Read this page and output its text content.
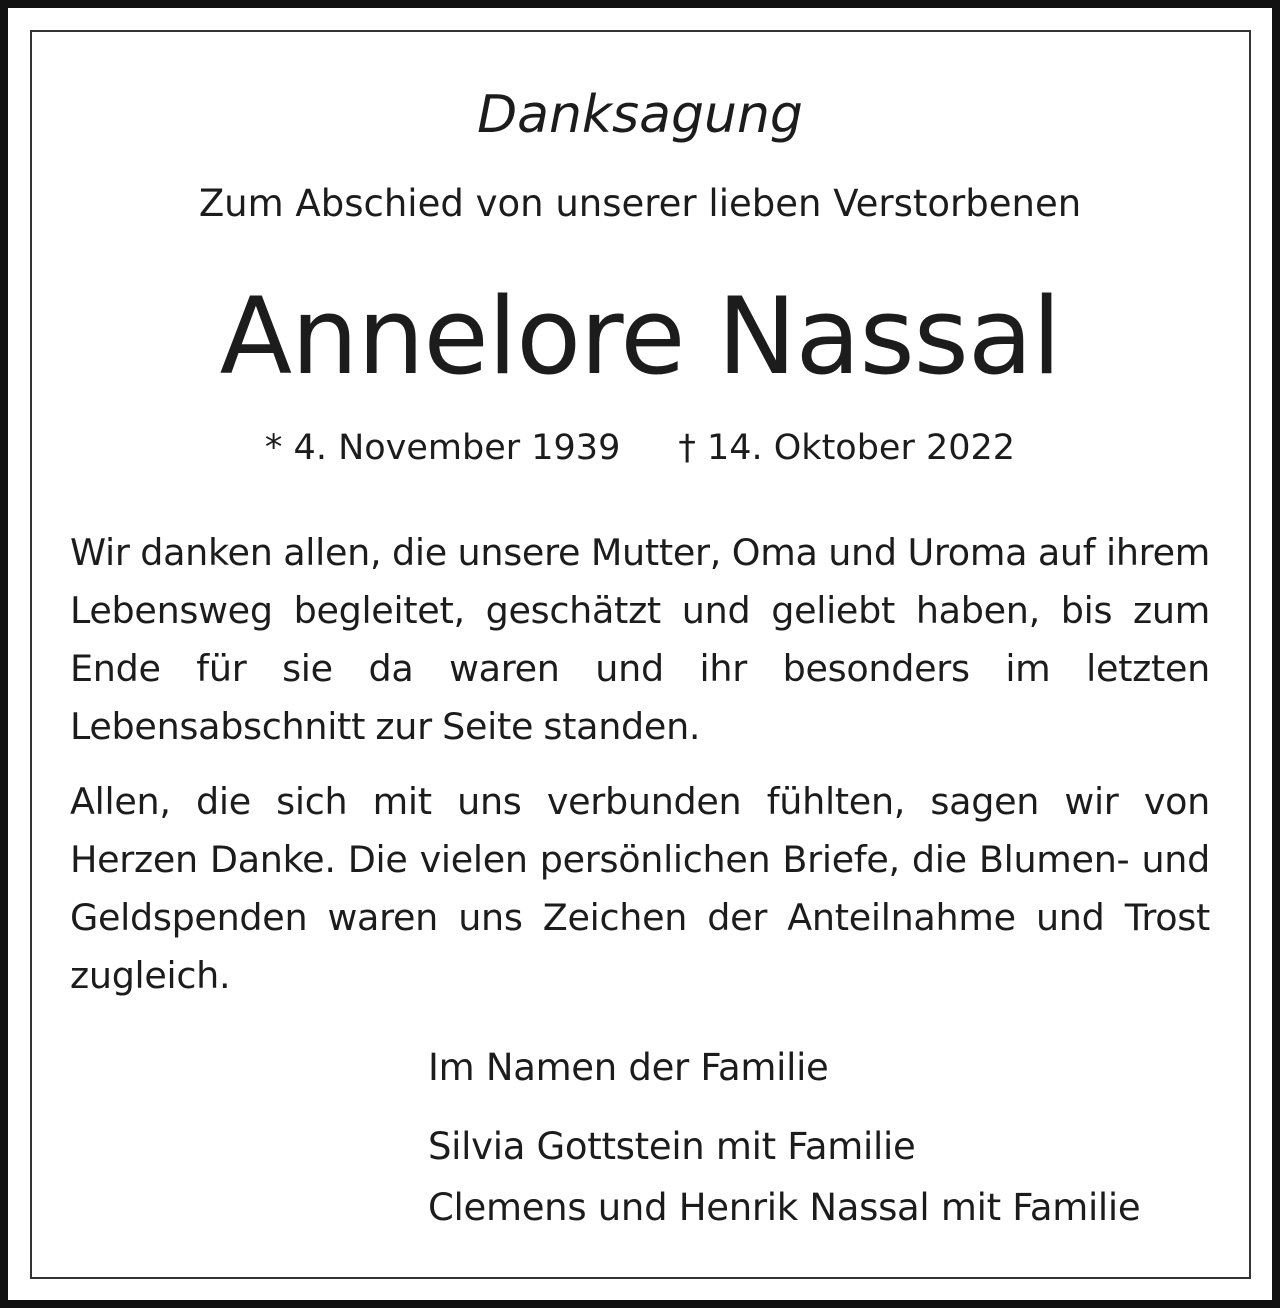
Danksagung

Zum Abschied von unserer lieben Verstorbenen

Annelore Nassal

* 4. November 1939 † 14. Oktober 2022

Wir danken allen, die unsere Mutter, Oma und Uroma auf ihrem Lebensweg begleitet, geschätzt und geliebt haben, bis zum Ende für sie da waren und ihr besonders im letzten Lebensabschnitt zur Seite standen.

Allen, die sich mit uns verbunden fühlten, sagen wir von Herzen Danke. Die vielen persönlichen Briefe, die Blumen- und Geldspenden waren uns Zeichen der Anteilnahme und Trost zugleich.

Im Namen der Familie

Silvia Gottstein mit Familie

Clemens und Henrik Nassal mit Familie
